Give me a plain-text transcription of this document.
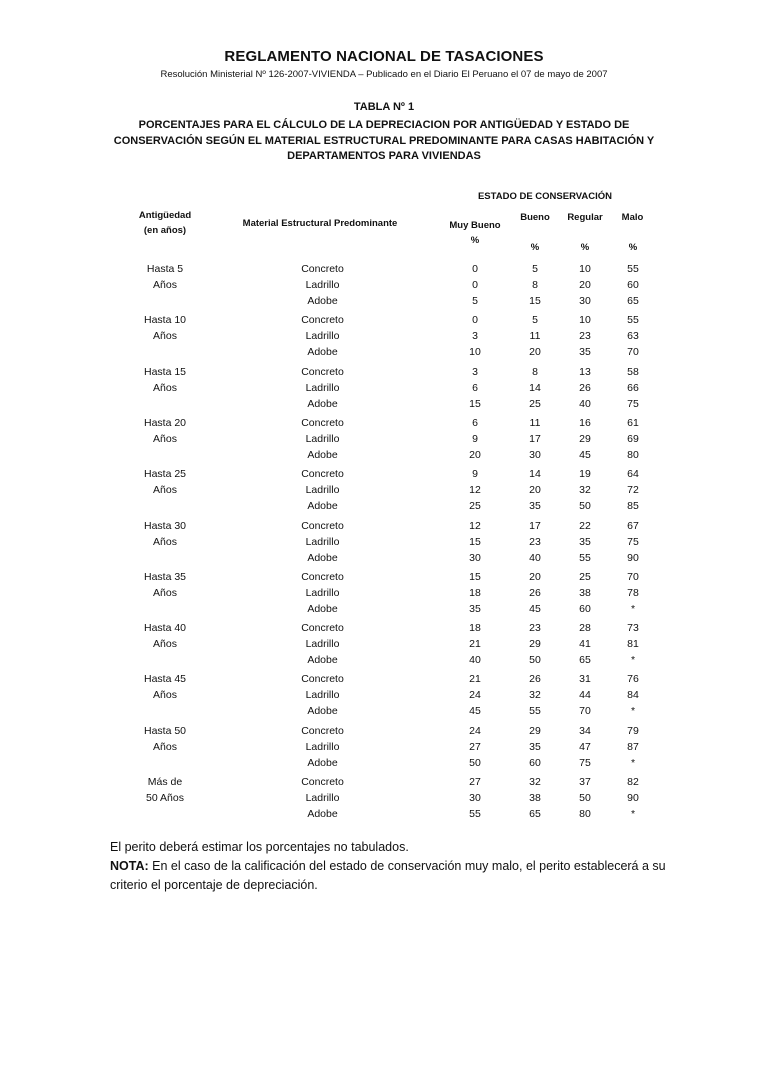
REGLAMENTO NACIONAL DE TASACIONES
Resolución Ministerial Nº 126-2007-VIVIENDA – Publicado en el Diario El Peruano el 07 de mayo de 2007
TABLA Nº 1
PORCENTAJES PARA EL CÁLCULO DE LA DEPRECIACION POR ANTIGÜEDAD Y ESTADO DE CONSERVACIÓN SEGÚN EL MATERIAL ESTRUCTURAL PREDOMINANTE PARA CASAS HABITACIÓN Y DEPARTAMENTOS PARA VIVIENDAS
ESTADO DE CONSERVACIÓN
Antigüedad
(en años)
Material Estructural Predominante	Muy Bueno
%
Bueno	Regular	Malo
%	%	%
Hasta 5
Años
Concreto	0	5	10	55
Ladrillo	0	8	20	60
Adobe	5	15	30	65
Hasta 10
Años
Concreto	0	5	10	55
Ladrillo	3	11	23	63
Adobe	10	20	35	70
Hasta 15
Años
Concreto	3	8	13	58
Ladrillo	6	14	26	66
Adobe	15	25	40	75
Hasta 20
Años
Concreto	6	11	16	61
Ladrillo	9	17	29	69
Adobe	20	30	45	80
Hasta 25
Años
Concreto	9	14	19	64
Ladrillo	12	20	32	72
Adobe	25	35	50	85
Hasta 30
Años
Concreto	12	17	22	67
Ladrillo	15	23	35	75
Adobe	30	40	55	90
Hasta 35
Años
Concreto	15	20	25	70
Ladrillo	18	26	38	78
Adobe	35	45	60	*
Hasta 40
Años
Concreto	18	23	28	73
Ladrillo	21	29	41	81
Adobe	40	50	65	*
Hasta 45
Años
Concreto	21	26	31	76
Ladrillo	24	32	44	84
Adobe	45	55	70	*
Hasta 50
Años
Concreto	24	29	34	79
Ladrillo	27	35	47	87
Adobe	50	60	75	*
Más de
50 Años
Concreto	27	32	37	82
Ladrillo	30	38	50	90
Adobe	55	65	80	*
El perito deberá estimar los porcentajes no tabulados.
NOTA: En el caso de la calificación del estado de conservación muy malo, el perito establecerá a su criterio el porcentaje de depreciación.
